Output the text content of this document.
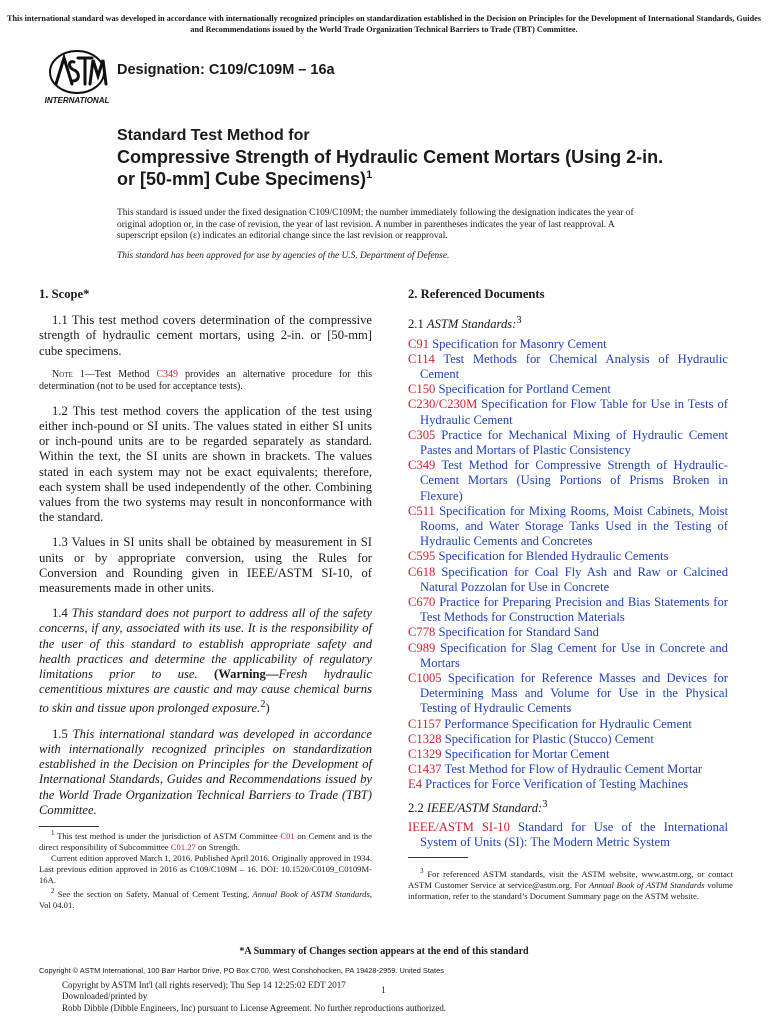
This international standard was developed in accordance with internationally recognized principles on standardization established in the Decision on Principles for the Development of International Standards, Guides and Recommendations issued by the World Trade Organization Technical Barriers to Trade (TBT) Committee.
INTERNATIONAL
Designation: C109/C109M – 16a
Standard Test Method for
Compressive Strength of Hydraulic Cement Mortars (Using 2-in. or [50-mm] Cube Specimens)$^1$
This standard is issued under the fixed designation C109/C109M; the number immediately following the designation indicates the year of original adoption or, in the case of revision, the year of last revision. A number in parentheses indicates the year of last reapproval. A superscript epsilon (ε) indicates an editorial change since the last revision or reapproval.
This standard has been approved for use by agencies of the U.S. Department of Defense.
1. Scope*
1.1 This test method covers determination of the compressive strength of hydraulic cement mortars, using 2-in. or [50-mm] cube specimens.
Note 1—Test Method C349 provides an alternative procedure for this determination (not to be used for acceptance tests).
1.2 This test method covers the application of the test using either inch-pound or SI units. The values stated in either SI units or inch-pound units are to be regarded separately as standard. Within the text, the SI units are shown in brackets. The values stated in each system may not be exact equivalents; therefore, each system shall be used independently of the other. Combining values from the two systems may result in nonconformance with the standard.
1.3 Values in SI units shall be obtained by measurement in SI units or by appropriate conversion, using the Rules for Conversion and Rounding given in IEEE/ASTM SI-10, of measurements made in other units.
1.4 This standard does not purport to address all of the safety concerns, if any, associated with its use. It is the responsibility of the user of this standard to establish appropriate safety and health practices and determine the applicability of regulatory limitations prior to use. (Warning—Fresh hydraulic cementitious mixtures are caustic and may cause chemical burns to skin and tissue upon prolonged exposure.$^2$)
1.5 This international standard was developed in accordance with internationally recognized principles on standardization established in the Decision on Principles for the Development of International Standards, Guides and Recommendations issued by the World Trade Organization Technical Barriers to Trade (TBT) Committee.
2. Referenced Documents
2.1 ASTM Standards:$^3$
C91 Specification for Masonry Cement
C114 Test Methods for Chemical Analysis of Hydraulic Cement
C150 Specification for Portland Cement
C230/C230M Specification for Flow Table for Use in Tests of Hydraulic Cement
C305 Practice for Mechanical Mixing of Hydraulic Cement Pastes and Mortars of Plastic Consistency
C349 Test Method for Compressive Strength of Hydraulic-Cement Mortars (Using Portions of Prisms Broken in Flexure)
C511 Specification for Mixing Rooms, Moist Cabinets, Moist Rooms, and Water Storage Tanks Used in the Testing of Hydraulic Cements and Concretes
C595 Specification for Blended Hydraulic Cements
C618 Specification for Coal Fly Ash and Raw or Calcined Natural Pozzolan for Use in Concrete
C670 Practice for Preparing Precision and Bias Statements for Test Methods for Construction Materials
C778 Specification for Standard Sand
C989 Specification for Slag Cement for Use in Concrete and Mortars
C1005 Specification for Reference Masses and Devices for Determining Mass and Volume for Use in the Physical Testing of Hydraulic Cements
C1157 Performance Specification for Hydraulic Cement
C1328 Specification for Plastic (Stucco) Cement
C1329 Specification for Mortar Cement
C1437 Test Method for Flow of Hydraulic Cement Mortar
E4 Practices for Force Verification of Testing Machines
2.2 IEEE/ASTM Standard:$^3$
IEEE/ASTM SI-10 Standard for Use of the International System of Units (SI): The Modern Metric System

$^1$ This test method is under the jurisdiction of ASTM Committee C01 on Cement and is the direct responsibility of Subcommittee C01.27 on Strength.

Current edition approved March 1, 2016. Published April 2016. Originally approved in 1934. Last previous edition approved in 2016 as C109/C109M – 16. DOI: 10.1520/C0109_C0109M-16A.

$^2$ See the section on Safety, Manual of Cement Testing, Annual Book of ASTM Standards, Vol 04.01.

$^3$ For referenced ASTM standards, visit the ASTM website, www.astm.org, or contact ASTM Customer Service at service@astm.org. For Annual Book of ASTM Standards volume information, refer to the standard’s Document Summary page on the ASTM website.

*A Summary of Changes section appears at the end of this standard
Copyright © ASTM International, 100 Barr Harbor Drive, PO Box C700, West Conshohocken, PA 19428-2959. United States
Copyright by ASTM Int'l (all rights reserved); Thu Sep 14 12:25:02 EDT 2017
Downloaded/printed by
Robb Dibble (Dibble Engineers, Inc) pursuant to License Agreement. No further reproductions authorized.
1
